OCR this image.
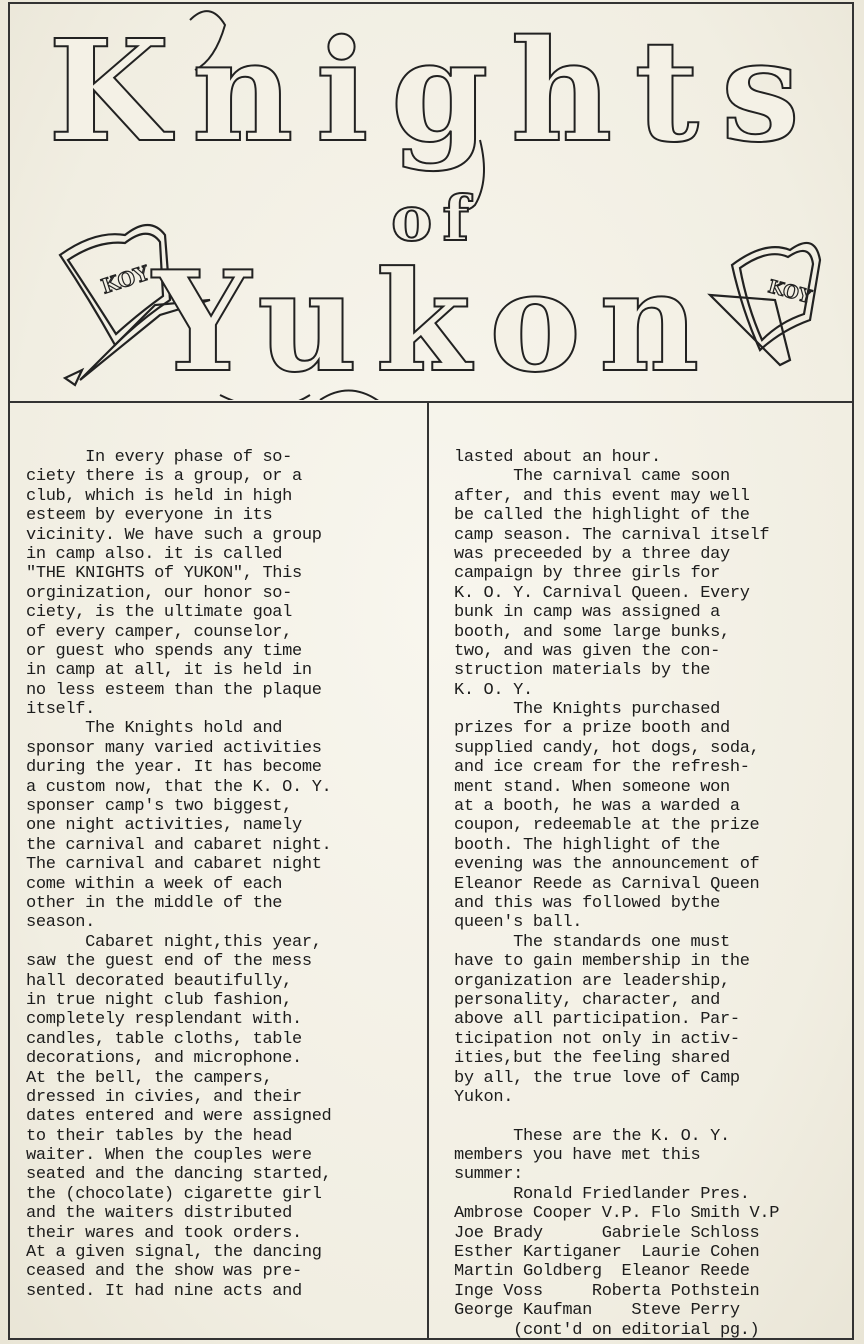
KOY	KOY
Knights
of
Yukon
In every phase of so-
ciety there is a group, or a
club, which is held in high
esteem by everyone in its
vicinity. We have such a group
in camp also. it is called
"THE KNIGHTS of YUKON", This
orginization, our honor so-
ciety, is the ultimate goal
of every camper, counselor,
or guest who spends any time
in camp at all, it is held in
no less esteem than the plaque
itself.
The Knights hold and
sponsor many varied activities
during the year. It has become
a custom now, that the K. O. Y.
sponser camp's two biggest,
one night activities, namely
the carnival and cabaret night.
The carnival and cabaret night
come within a week of each
other in the middle of the
season.
Cabaret night,this year,
saw the guest end of the mess
hall decorated beautifully,
in true night club fashion,
completely resplendant with.
candles, table cloths, table
decorations, and microphone.
At the bell, the campers,
dressed in civies, and their
dates entered and were assigned
to their tables by the head
waiter. When the couples were
seated and the dancing started,
the (chocolate) cigarette girl
and the waiters distributed
their wares and took orders.
At a given signal, the dancing
ceased and the show was pre-
sented. It had nine acts and
lasted about an hour.
The carnival came soon
after, and this event may well
be called the highlight of the
camp season. The carnival itself
was preceeded by a three day
campaign by three girls for
K. O. Y. Carnival Queen. Every
bunk in camp was assigned a
booth, and some large bunks,
two, and was given the con-
struction materials by the
K. O. Y.
The Knights purchased
prizes for a prize booth and
supplied candy, hot dogs, soda,
and ice cream for the refresh-
ment stand. When someone won
at a booth, he was a warded a
coupon, redeemable at the prize
booth. The highlight of the
evening was the announcement of
Eleanor Reede as Carnival Queen
and this was followed bythe
queen's ball.
The standards one must
have to gain membership in the
organization are leadership,
personality, character, and
above all participation. Par-
ticipation not only in activ-
ities,but the feeling shared
by all, the true love of Camp
Yukon.
These are the K. O. Y.
members you have met this
summer:
Ronald Friedlander Pres.
Ambrose Cooper V.P. Flo Smith V.P
Joe Brady      Gabriele Schloss
Esther Kartiganer  Laurie Cohen
Martin Goldberg  Eleanor Reede
Inge Voss     Roberta Pothstein
George Kaufman    Steve Perry
(cont'd on editorial pg.)
